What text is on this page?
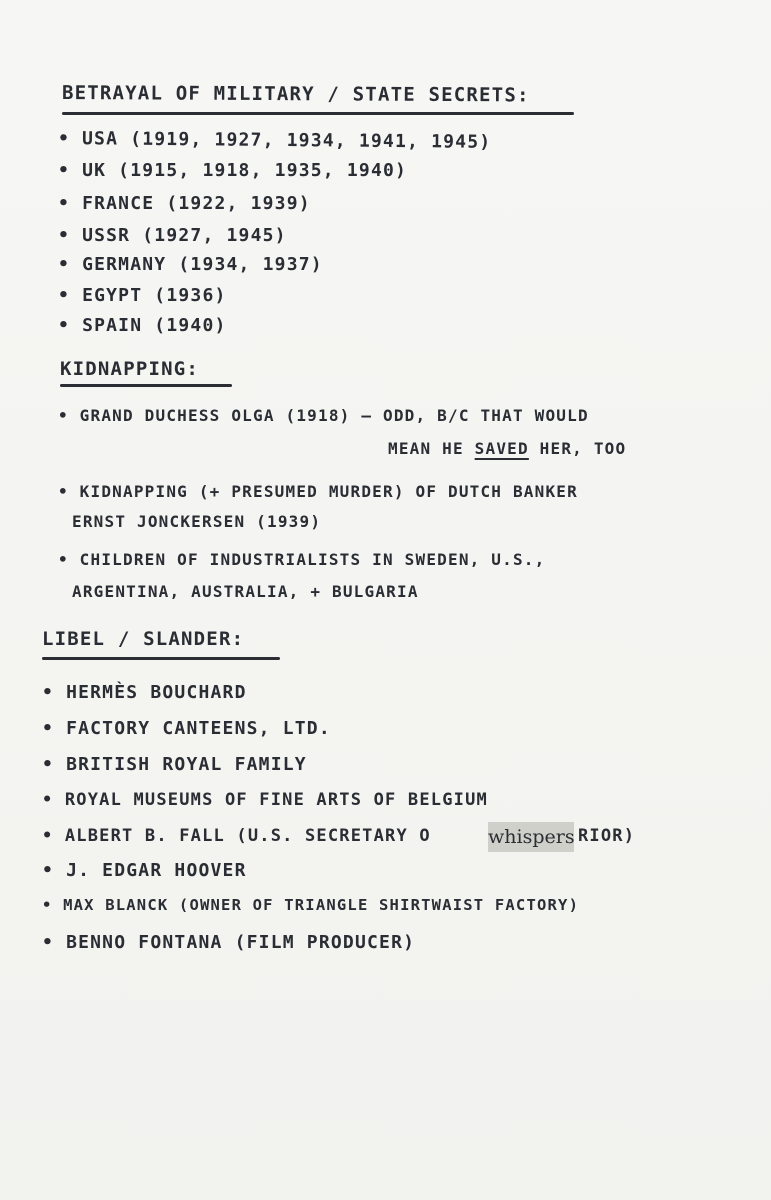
BETRAYAL OF MILITARY / STATE SECRETS:
• USA (1919, 1927, 1934, 1941, 1945)
• UK (1915, 1918, 1935, 1940)
• FRANCE (1922, 1939)
• USSR (1927, 1945)
• GERMANY (1934, 1937)
• EGYPT (1936)
• SPAIN (1940)
KIDNAPPING:
• GRAND DUCHESS OLGA (1918) — ODD, B/C THAT WOULD
MEAN HE SAVED HER, TOO
• KIDNAPPING (+ PRESUMED MURDER) OF DUTCH BANKER
ERNST JONCKERSEN (1939)
• CHILDREN OF INDUSTRIALISTS IN SWEDEN, U.S.,
ARGENTINA, AUSTRALIA, + BULGARIA
LIBEL / SLANDER:
• HERMÈS BOUCHARD
• FACTORY CANTEENS, LTD.
• BRITISH ROYAL FAMILY
• ROYAL MUSEUMS OF FINE ARTS OF BELGIUM
• ALBERT B. FALL (U.S. SECRETARY O	whispers RIOR)
• J. EDGAR HOOVER
• MAX BLANCK (OWNER OF TRIANGLE SHIRTWAIST FACTORY)
• BENNO FONTANA (FILM PRODUCER)
